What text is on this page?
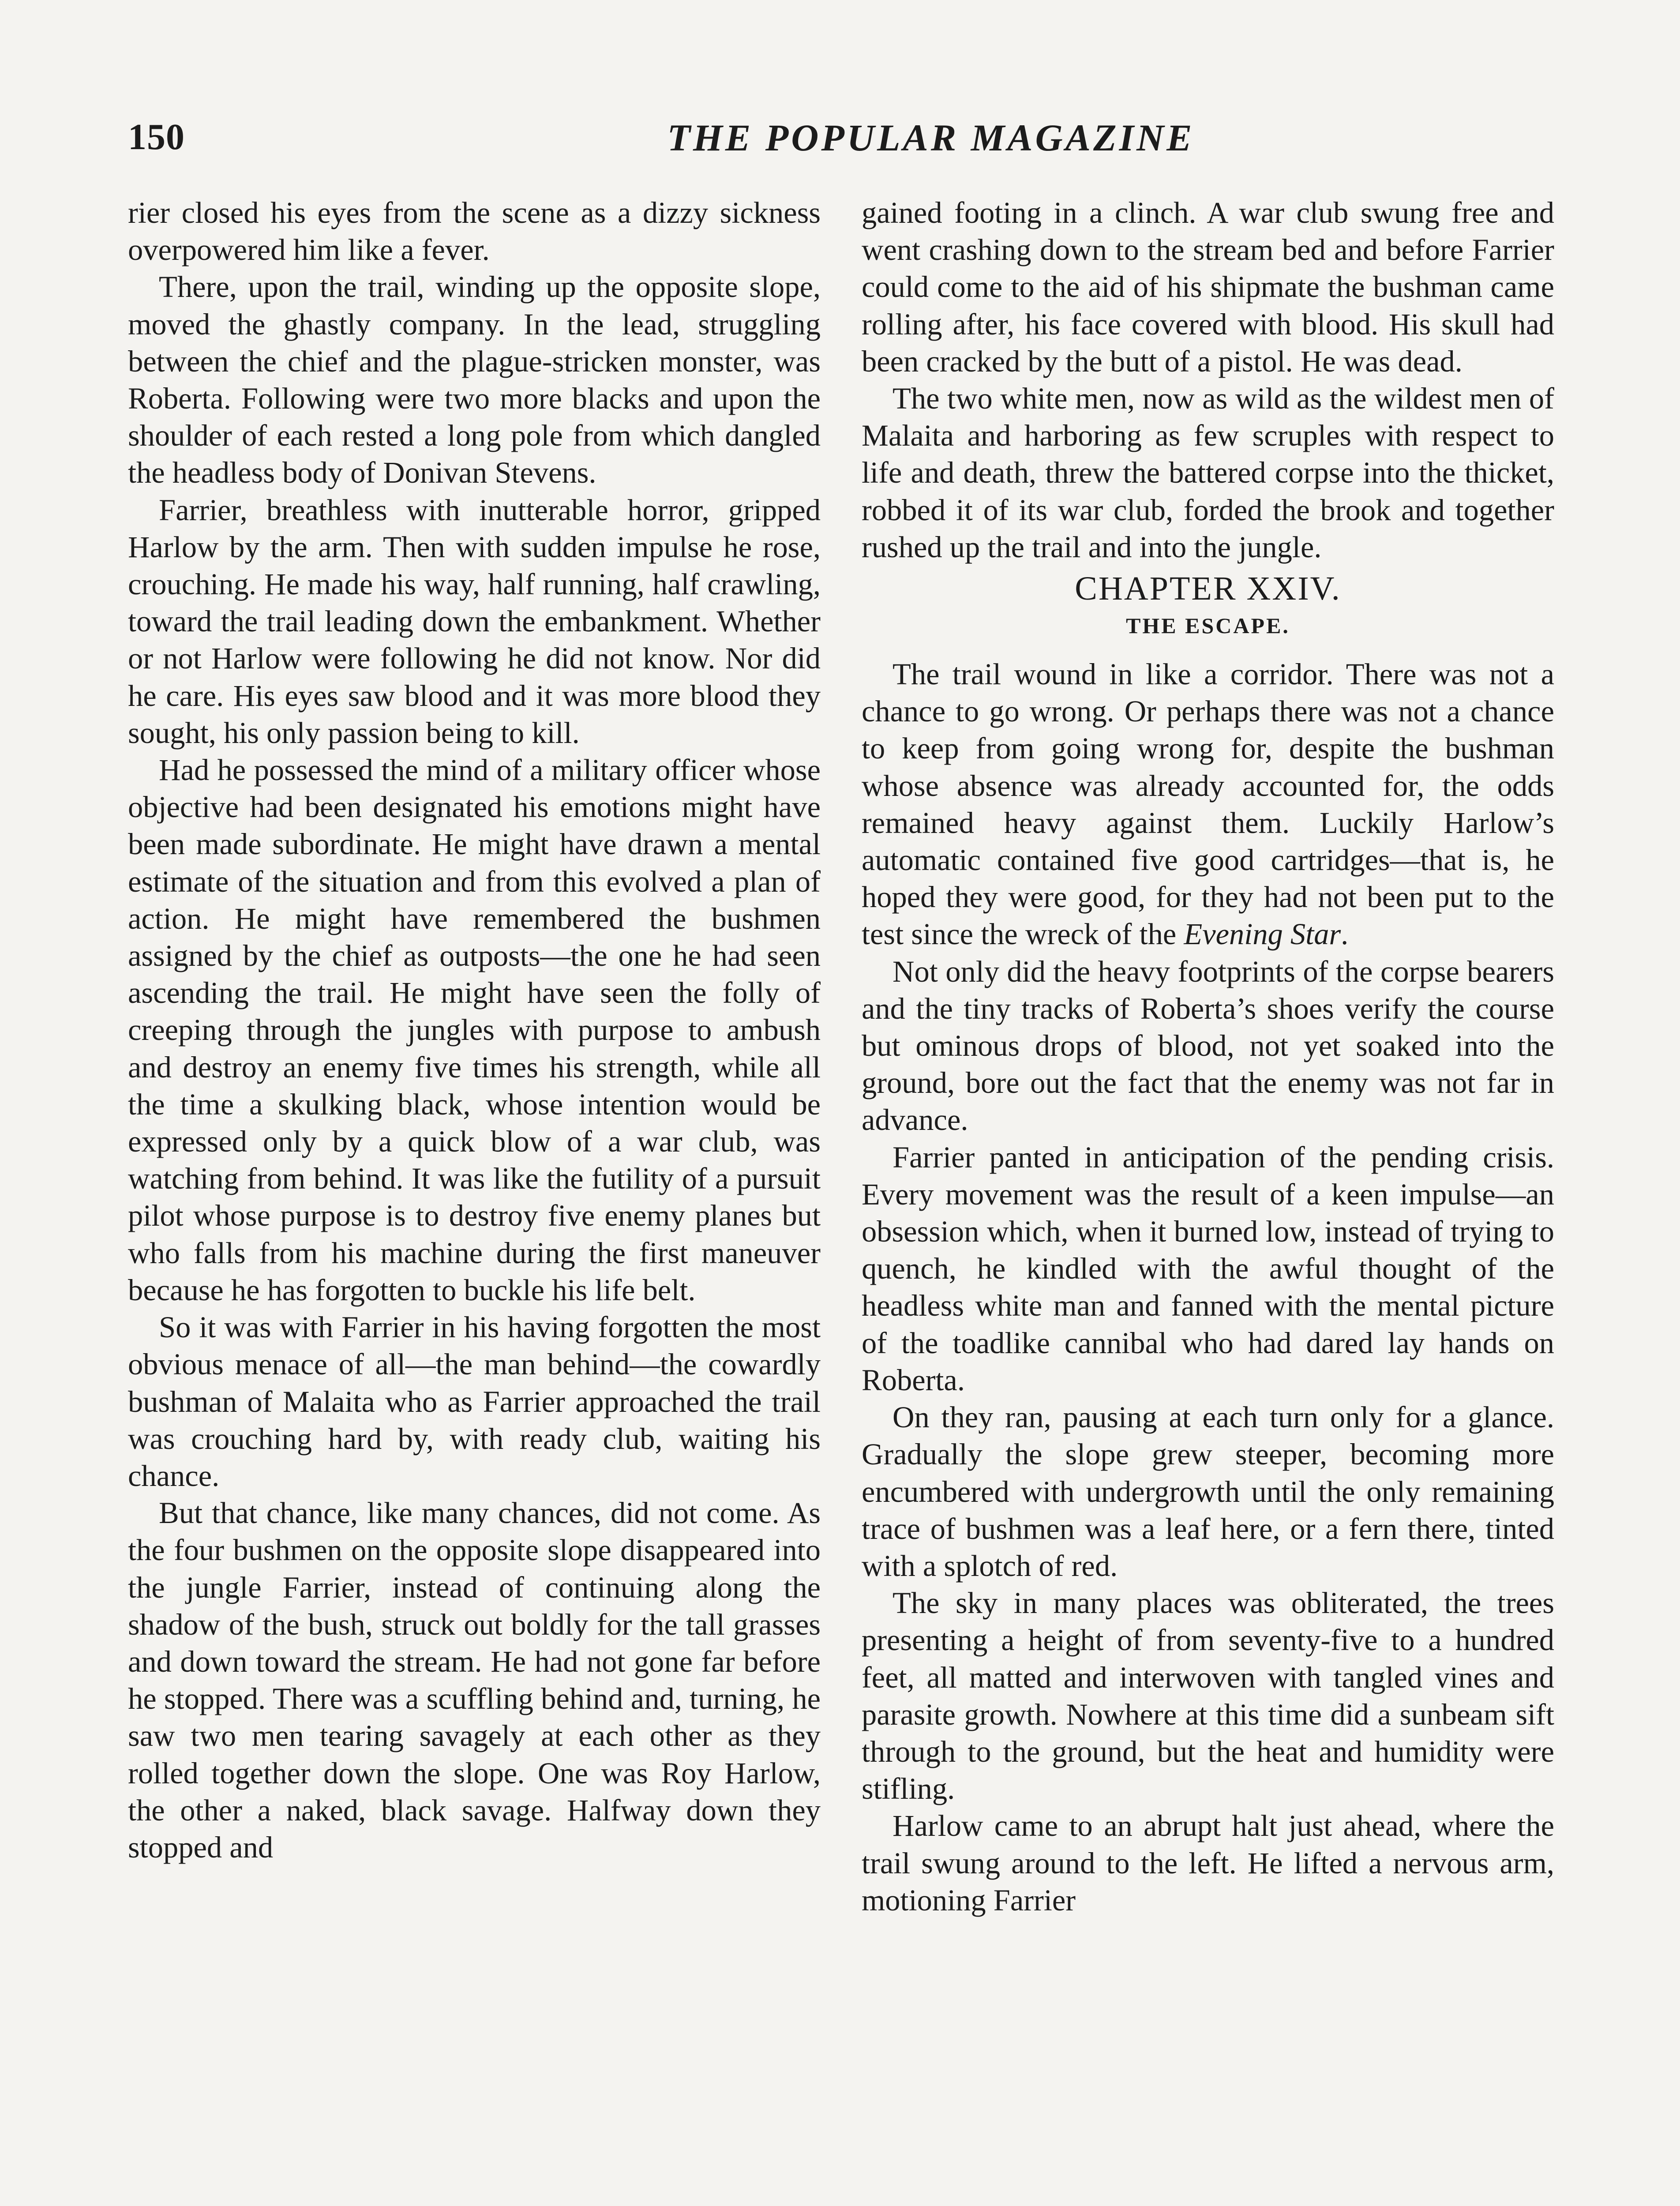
150	THE POPULAR MAGAZINE

rier closed his eyes from the scene as a dizzy sickness overpowered him like a fever.

There, upon the trail, winding up the opposite slope, moved the ghastly company. In the lead, struggling between the chief and the plague-stricken monster, was Roberta. Following were two more blacks and upon the shoulder of each rested a long pole from which dangled the headless body of Donivan Stevens.

Farrier, breathless with inutterable horror, gripped Harlow by the arm. Then with sudden impulse he rose, crouching. He made his way, half running, half crawling, toward the trail leading down the embankment. Whether or not Harlow were following he did not know. Nor did he care. His eyes saw blood and it was more blood they sought, his only passion being to kill.

Had he possessed the mind of a military officer whose objective had been designated his emotions might have been made subordinate. He might have drawn a mental estimate of the situation and from this evolved a plan of action. He might have remembered the bushmen assigned by the chief as outposts—the one he had seen ascending the trail. He might have seen the folly of creeping through the jungles with purpose to ambush and destroy an enemy five times his strength, while all the time a skulking black, whose intention would be expressed only by a quick blow of a war club, was watching from behind. It was like the futility of a pursuit pilot whose purpose is to destroy five enemy planes but who falls from his machine during the first maneuver because he has forgotten to buckle his life belt.

So it was with Farrier in his having forgotten the most obvious menace of all—the man behind—the cowardly bushman of Malaita who as Farrier approached the trail was crouching hard by, with ready club, waiting his chance.

But that chance, like many chances, did not come. As the four bushmen on the opposite slope disappeared into the jungle Farrier, instead of continuing along the shadow of the bush, struck out boldly for the tall grasses and down toward the stream. He had not gone far before he stopped. There was a scuffling behind and, turning, he saw two men tearing savagely at each other as they rolled together down the slope. One was Roy Harlow, the other a naked, black savage. Halfway down they stopped and

gained footing in a clinch. A war club swung free and went crashing down to the stream bed and before Farrier could come to the aid of his shipmate the bushman came rolling after, his face covered with blood. His skull had been cracked by the butt of a pistol. He was dead.

The two white men, now as wild as the wildest men of Malaita and harboring as few scruples with respect to life and death, threw the battered corpse into the thicket, robbed it of its war club, forded the brook and together rushed up the trail and into the jungle.

CHAPTER XXIV.
THE ESCAPE.

The trail wound in like a corridor. There was not a chance to go wrong. Or perhaps there was not a chance to keep from going wrong for, despite the bushman whose absence was already accounted for, the odds remained heavy against them. Luckily Harlow’s automatic contained five good cartridges—that is, he hoped they were good, for they had not been put to the test since the wreck of the Evening Star.

Not only did the heavy footprints of the corpse bearers and the tiny tracks of Roberta’s shoes verify the course but ominous drops of blood, not yet soaked into the ground, bore out the fact that the enemy was not far in advance.

Farrier panted in anticipation of the pending crisis. Every movement was the result of a keen impulse—an obsession which, when it burned low, instead of trying to quench, he kindled with the awful thought of the headless white man and fanned with the mental picture of the toadlike cannibal who had dared lay hands on Roberta.

On they ran, pausing at each turn only for a glance. Gradually the slope grew steeper, becoming more encumbered with undergrowth until the only remaining trace of bushmen was a leaf here, or a fern there, tinted with a splotch of red.

The sky in many places was obliterated, the trees presenting a height of from seventy-five to a hundred feet, all matted and interwoven with tangled vines and parasite growth. Nowhere at this time did a sunbeam sift through to the ground, but the heat and humidity were stifling.

Harlow came to an abrupt halt just ahead, where the trail swung around to the left. He lifted a nervous arm, motioning Farrier
